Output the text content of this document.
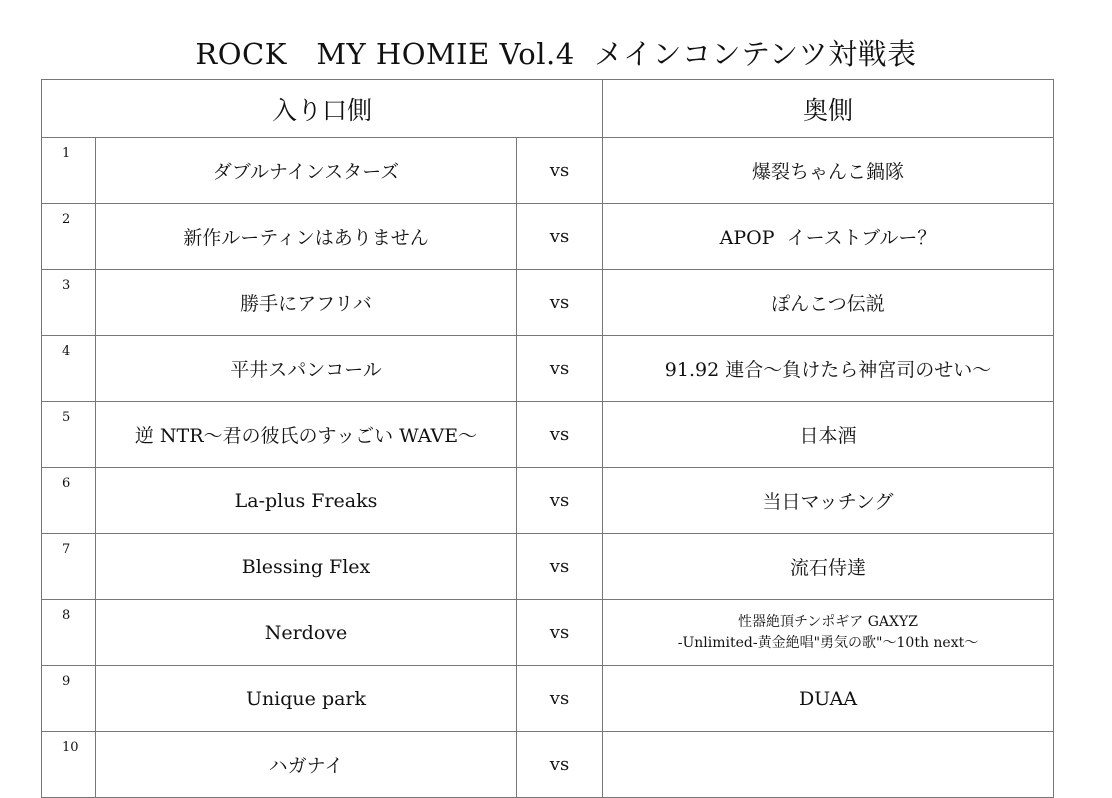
ROCK　MY HOMIE Vol.4  メインコンテンツ対戦表
入り口側			奥側
1	ダブルナインスターズ	vs	爆裂ちゃんこ鍋隊
2	新作ルーティンはありません	vs	APOP  イーストブルー？
3	勝手にアフリバ	vs	ぽんこつ伝説
4	平井スパンコール	vs	91.92 連合〜負けたら神宮司のせい〜
5	逆 NTR〜君の彼氏のすッごい WAVE〜	vs	日本酒
6	La-plus Freaks	vs	当日マッチング
7	Blessing Flex	vs	流石侍達
8	Nerdove	vs	性器絶頂チンポギア GAXYZ
-Unlimited-黄金絶唱"勇気の歌"〜10th next〜

9	Unique park	vs	DUAA
10	ハガナイ	vs	
